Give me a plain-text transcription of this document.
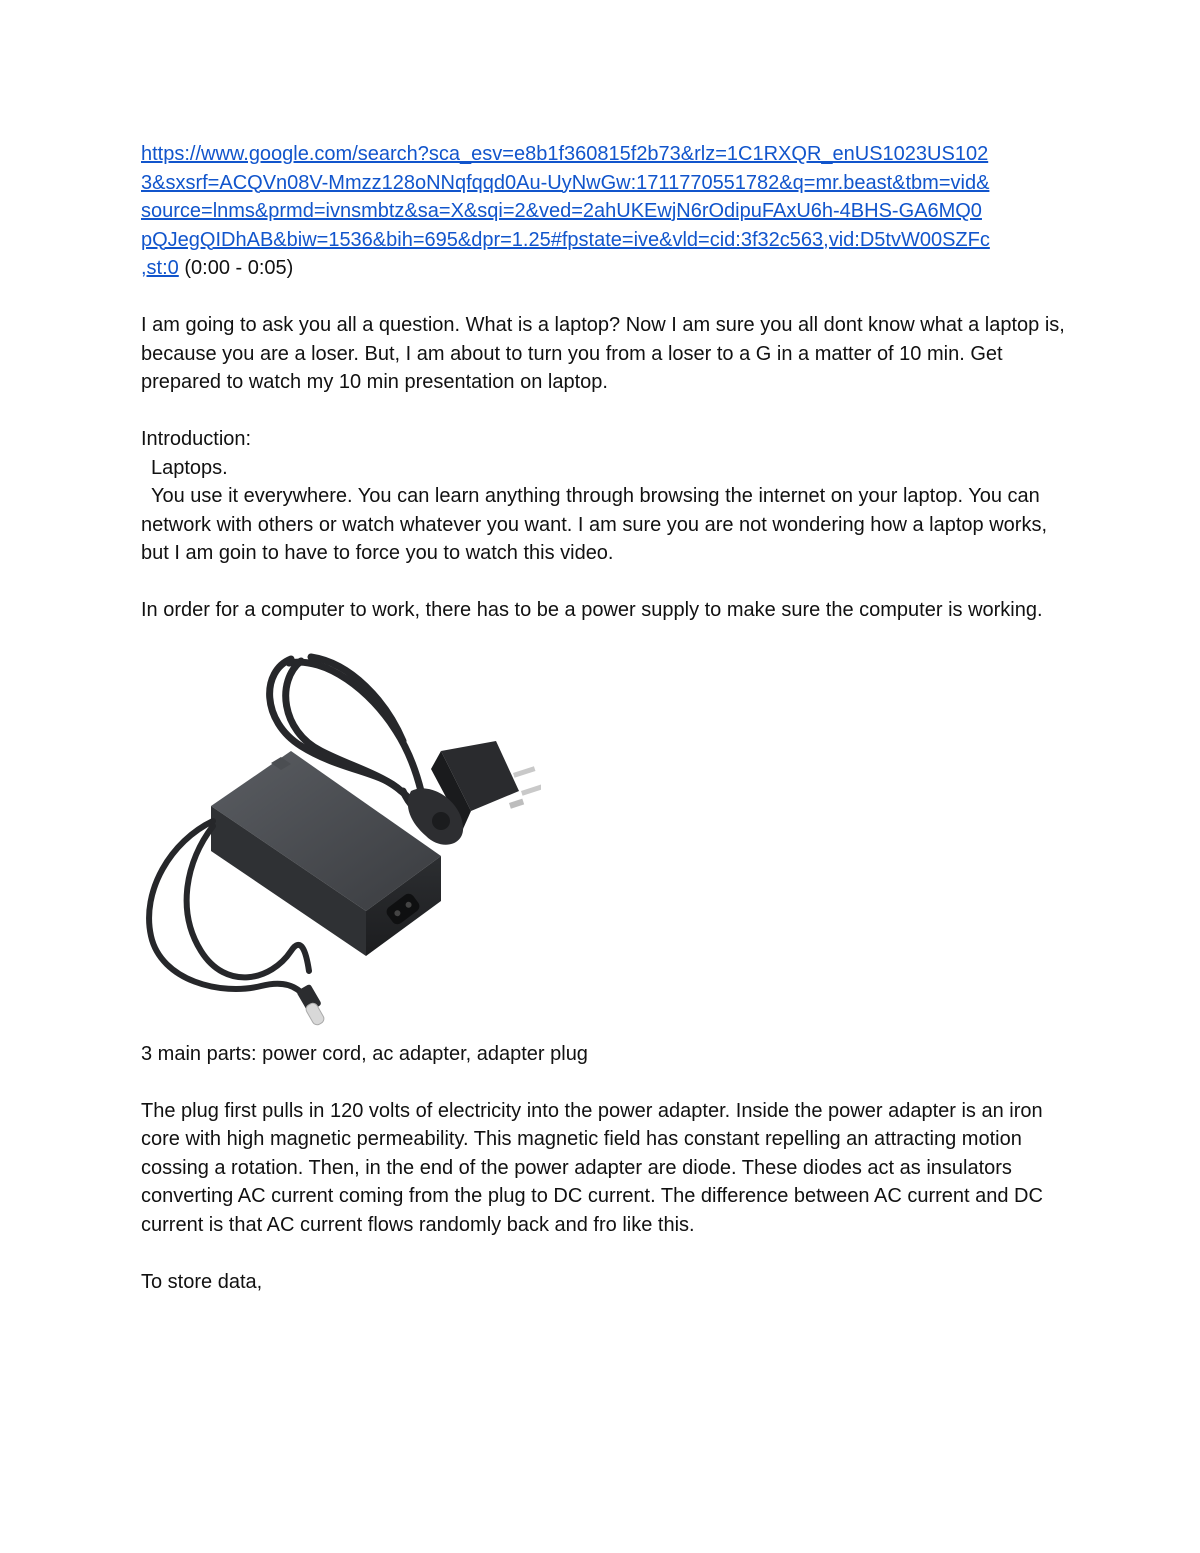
https://www.google.com/search?sca_esv=e8b1f360815f2b73&rlz=1C1RXQR_enUS1023US102
3&sxsrf=ACQVn08V-Mmzz128oNNqfqqd0Au-UyNwGw:1711770551782&q=mr.beast&tbm=vid&
source=lnms&prmd=ivnsmbtz&sa=X&sqi=2&ved=2ahUKEwjN6rOdipuFAxU6h-4BHS-GA6MQ0
pQJegQIDhAB&biw=1536&bih=695&dpr=1.25#fpstate=ive&vld=cid:3f32c563,vid:D5tvW00SZFc
,st:0 (0:00 - 0:05)

I am going to ask you all a question. What is a laptop? Now I am sure you all dont know what a laptop is, because you are a loser. But, I am about to turn you from a loser to a G in a matter of 10 min. Get prepared to watch my 10 min presentation on laptop.

Introduction:

Laptops.

You use it everywhere. You can learn anything through browsing the internet on your laptop. You can network with others or watch whatever you want. I am sure you are not wondering how a laptop works, but I am goin to have to force you to watch this video.

In order for a computer to work, there has to be a power supply to make sure the computer is working.

3 main parts: power cord, ac adapter, adapter plug

The plug first pulls in 120 volts of electricity into the power adapter. Inside the power adapter is an iron core with high magnetic permeability. This magnetic field has constant repelling an attracting motion cossing a rotation. Then, in the end of the power adapter are diode. These diodes act as insulators converting AC current coming from the plug to DC current. The difference between AC current and DC current is that AC current flows randomly back and fro like this.

To store data,
